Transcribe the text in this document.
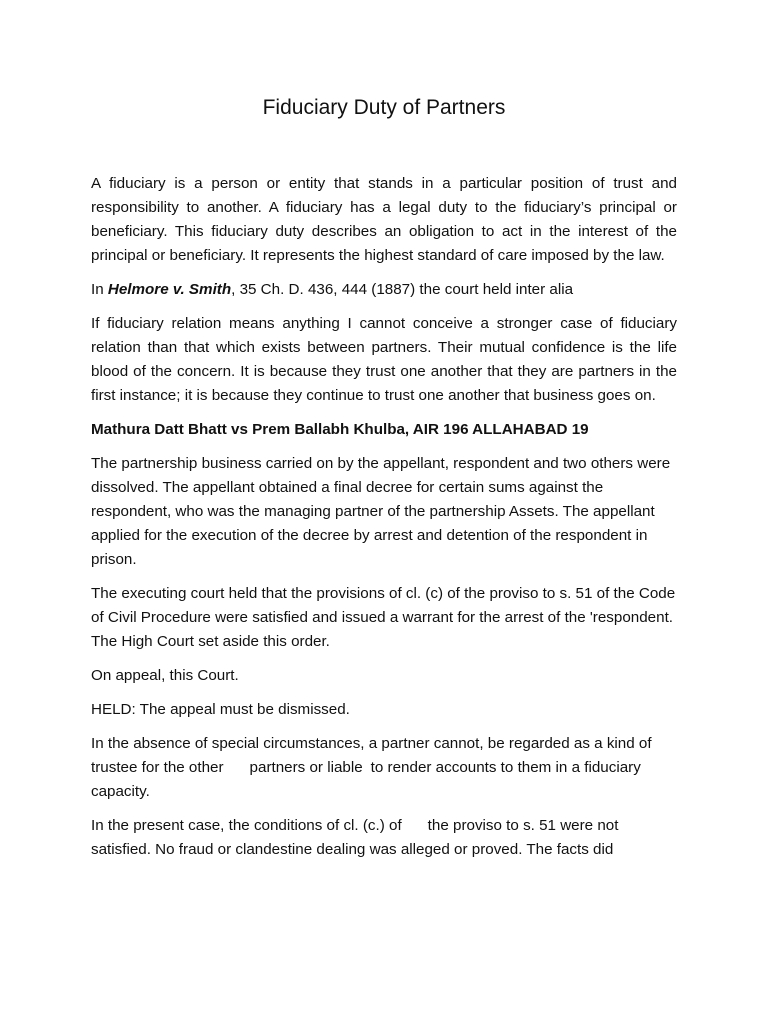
Fiduciary Duty of Partners

A fiduciary is a person or entity that stands in a particular position of trust and responsibility to another. A fiduciary has a legal duty to the fiduciary’s principal or beneficiary. This fiduciary duty describes an obligation to act in the interest of the principal or beneficiary. It represents the highest standard of care imposed by the law.

In Helmore v. Smith, 35 Ch. D. 436, 444 (1887) the court held inter alia

If fiduciary relation means anything I cannot conceive a stronger case of fiduciary relation than that which exists between partners. Their mutual confidence is the life blood of the concern. It is because they trust one another that they are partners in the first instance; it is because they continue to trust one another that business goes on.

Mathura Datt Bhatt vs Prem Ballabh Khulba, AIR 196 ALLAHABAD 19

The partnership business carried on by the appellant, respondent and two others were dissolved. The appellant obtained a final decree for certain sums against the respondent, who was the managing partner of the partnership Assets. The appellant applied for the execution of the decree by arrest and detention of the respondent in prison.

The executing court held that the provisions of cl. (c) of the proviso to s. 51 of the Code of Civil Procedure were satisfied and issued a warrant for the arrest of the 'respondent. The High Court set aside this order.

On appeal, this Court.

HELD: The appeal must be dismissed.

In the absence of special circumstances, a partner cannot, be regarded as a kind of trustee for the other partners or liable to render accounts to them in a fiduciary capacity.

In the present case, the conditions of cl. (c.) of the proviso to s. 51 were not satisfied. No fraud or clandestine dealing was alleged or proved. The facts did
